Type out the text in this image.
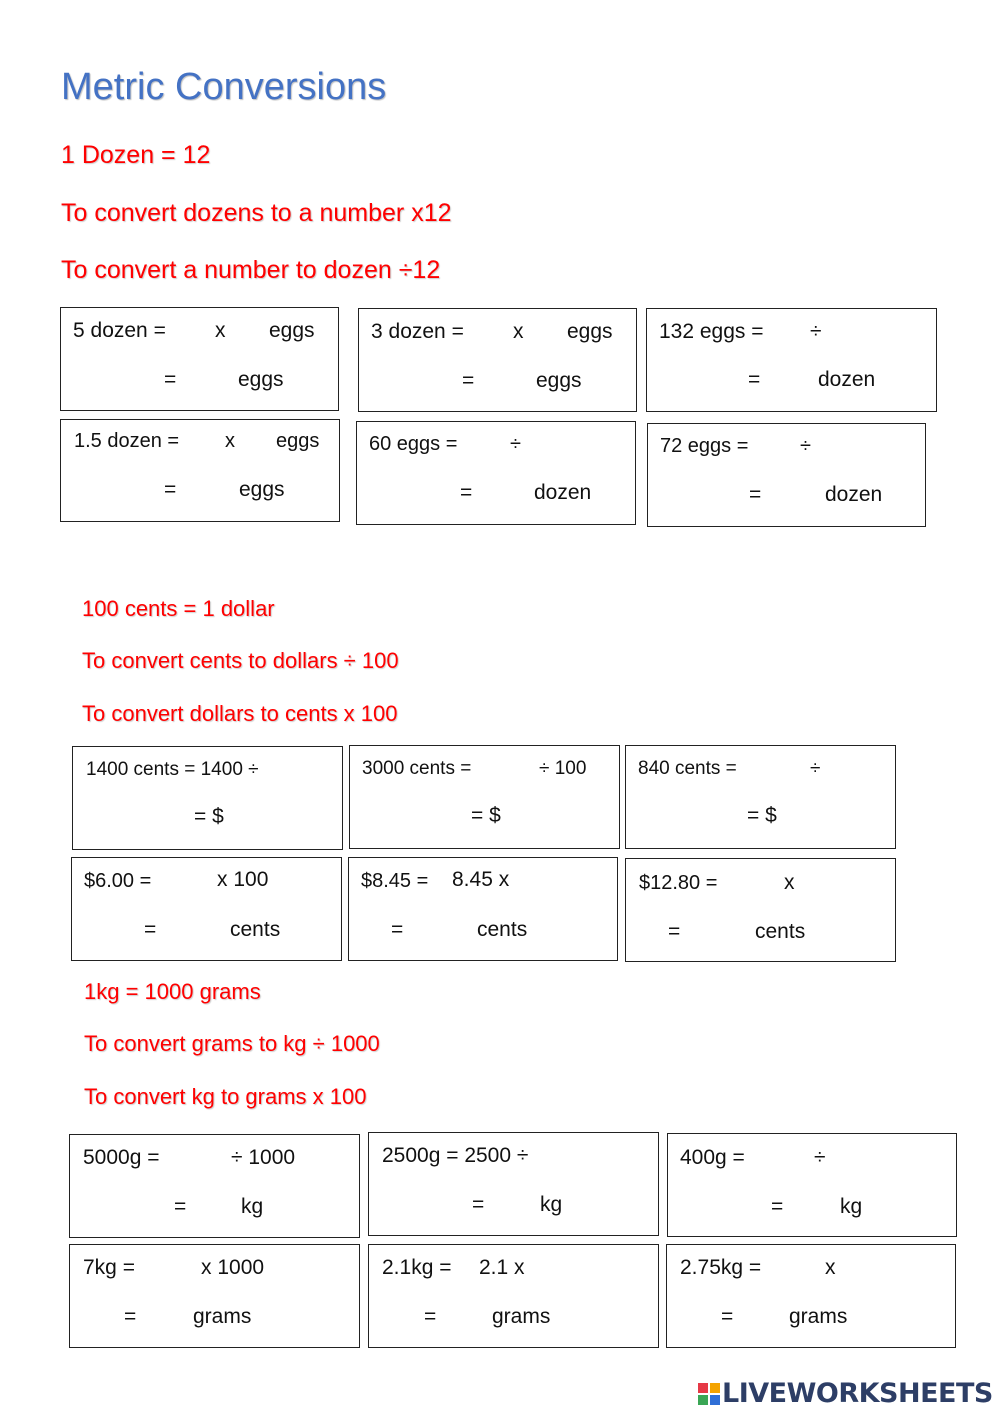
Metric Conversions
1 Dozen = 12
To convert dozens to a number x12
To convert a number to dozen ÷12
5 dozen = x eggs
=	eggs
3 dozen = x eggs
=	eggs
132 eggs = ÷
=	dozen
1.5 dozen = x eggs
=	eggs
60 eggs =	÷
=	dozen
72 eggs =	÷
=	dozen
100 cents = 1 dollar
To convert cents to dollars ÷ 100
To convert dollars to cents x 100
1400 cents = 1400 ÷
= $
3000 cents =	÷ 100
= $
840 cents =	÷
= $
$6.00 =	x 100
=	cents
$8.45 = 8.45 x
=	cents
$12.80 =	x
=	cents
1kg = 1000 grams
To convert grams to kg ÷ 1000
To convert kg to grams x 100
5000g =	÷ 1000
=	kg
2500g = 2500 ÷
=	kg
400g =	÷
=	kg
7kg =	x 1000
=	grams
2.1kg = 2.1 x
=	grams
2.75kg =	x
=	grams
LIVEWORKSHEETS
